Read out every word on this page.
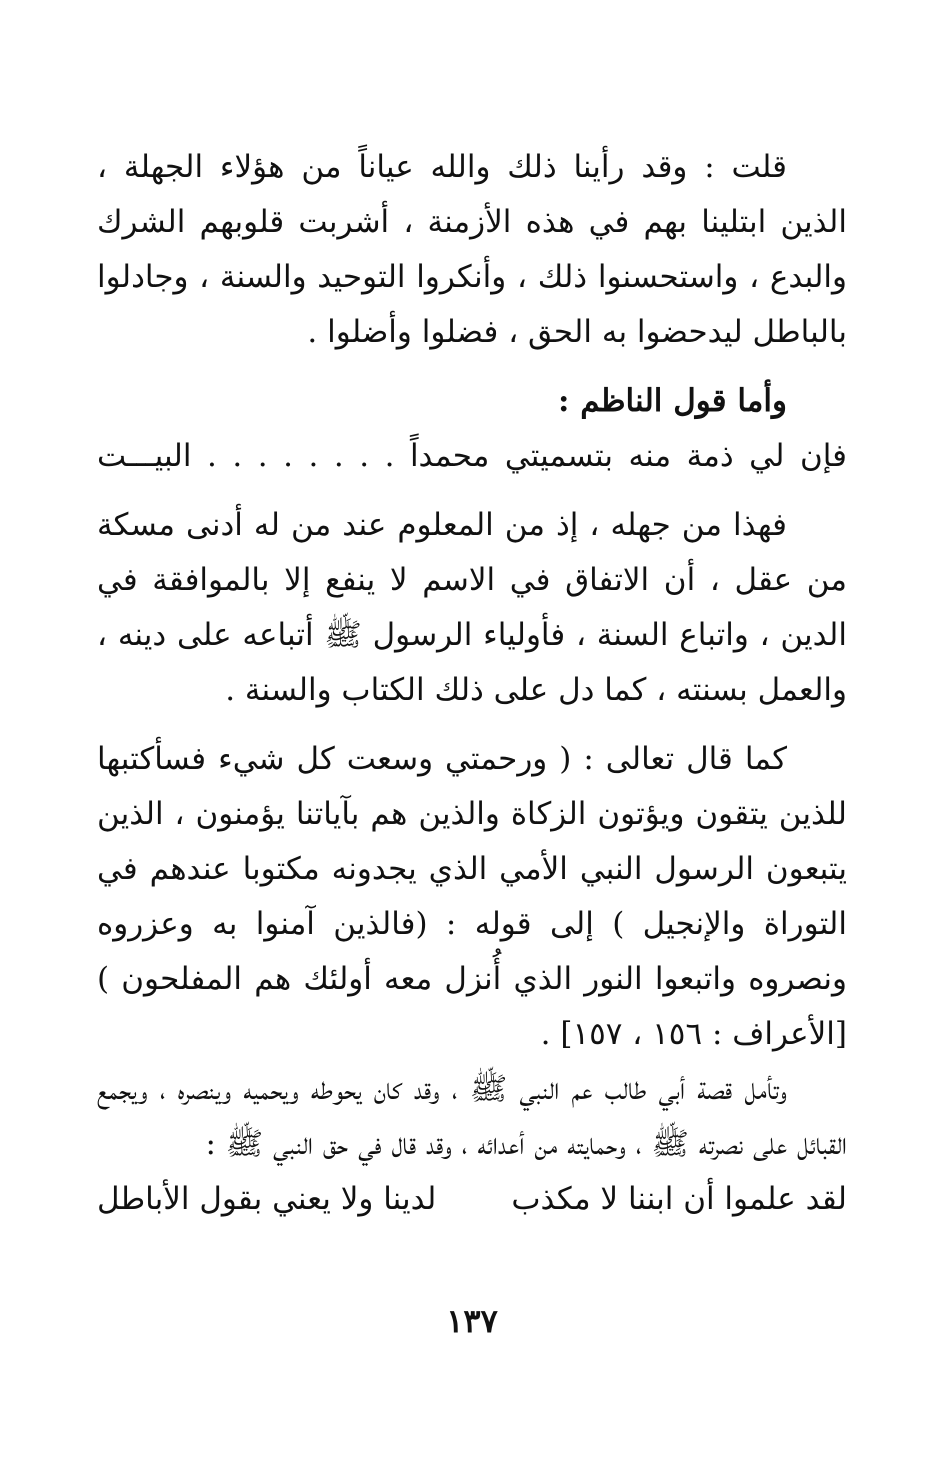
قلت : وقد رأينا ذلك والله عياناً من هؤلاء الجهلة ، الذين ابتلينا بهم في هذه الأزمنة ، أشربت قلوبهم الشرك والبدع ، واستحسنوا ذلك ، وأنكروا التوحيد والسنة ، وجادلوا بالباطل ليدحضوا به الحق ، فضلوا وأضلوا .

وأما قول الناظم :

فإن لي ذمة منه بتسميتي محمداً . . . . . . . . البيـــت

فهذا من جهله ، إذ من المعلوم عند من له أدنى مسكة من عقل ، أن الاتفاق في الاسم لا ينفع إلا بالموافقة في الدين ، واتباع السنة ، فأولياء الرسول ﷺ أتباعه على دينه ، والعمل بسنته ، كما دل على ذلك الكتاب والسنة .

كما قال تعالى : ( ورحمتي وسعت كل شيء فسأكتبها للذين يتقون ويؤتون الزكاة والذين هم بآياتنا يؤمنون ، الذين يتبعون الرسول النبي الأمي الذي يجدونه مكتوبا عندهم في التوراة والإنجيل ) إلى قوله : (فالذين آمنوا به وعزروه ونصروه واتبعوا النور الذي أُنزل معه أولئك هم المفلحون ) [الأعراف : ١٥٦ ، ١٥٧] .

وتأمل قصة أبي طالب عم النبي ﷺ ، وقد كان يحوطه ويحميه وينصره ، ويجمع القبائل على نصرته ﷺ ، وحمايته من أعدائه ، وقد قال في حق النبي ﷺ :

لقد علموا أن ابننا لا مكذب
لدينا ولا يعني بقول الأباطل
١٣٧
